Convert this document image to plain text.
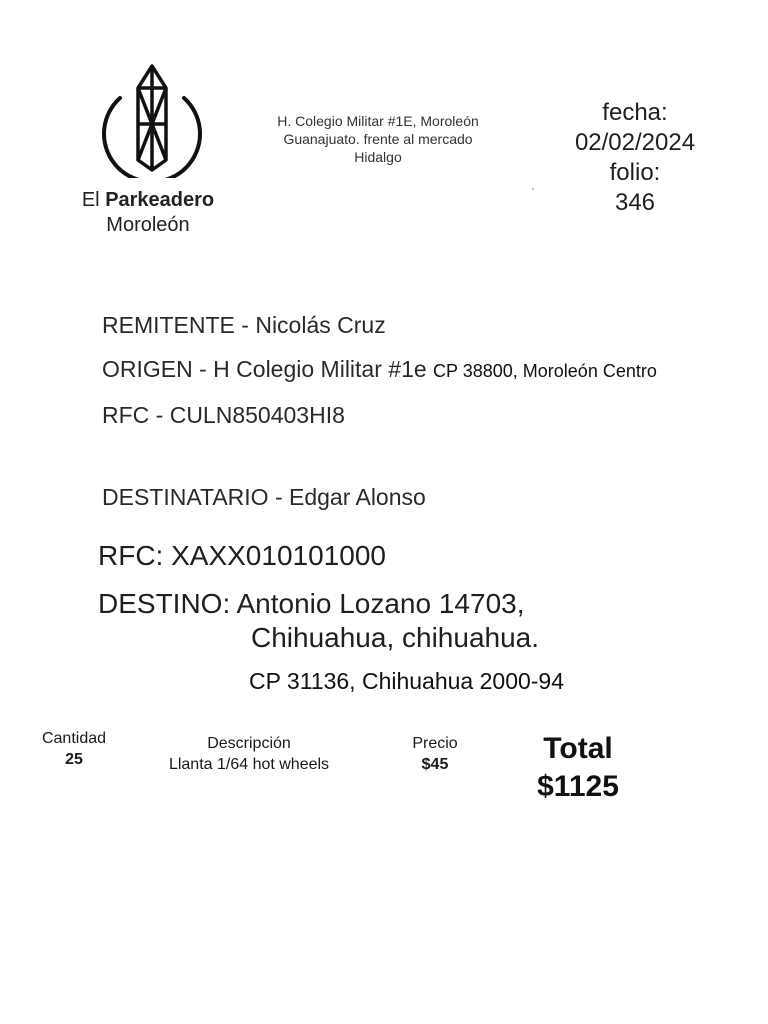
El Parkeadero
Moroleón
H. Colegio Militar #1E, Moroleón
Guanajuato. frente al mercado
Hidalgo
fecha:
02/02/2024
folio:
346
REMITENTE - Nicolás Cruz
ORIGEN - H Colegio Militar #1e CP 38800, Moroleón Centro
RFC - CULN850403HI8
DESTINATARIO - Edgar Alonso
RFC: XAXX010101000
DESTINO: Antonio Lozano 14703,
Chihuahua, chihuahua.
CP 31136, Chihuahua 2000-94
Cantidad
25
Descripción
Llanta 1/64 hot wheels
Precio
$45	Total
$1125
